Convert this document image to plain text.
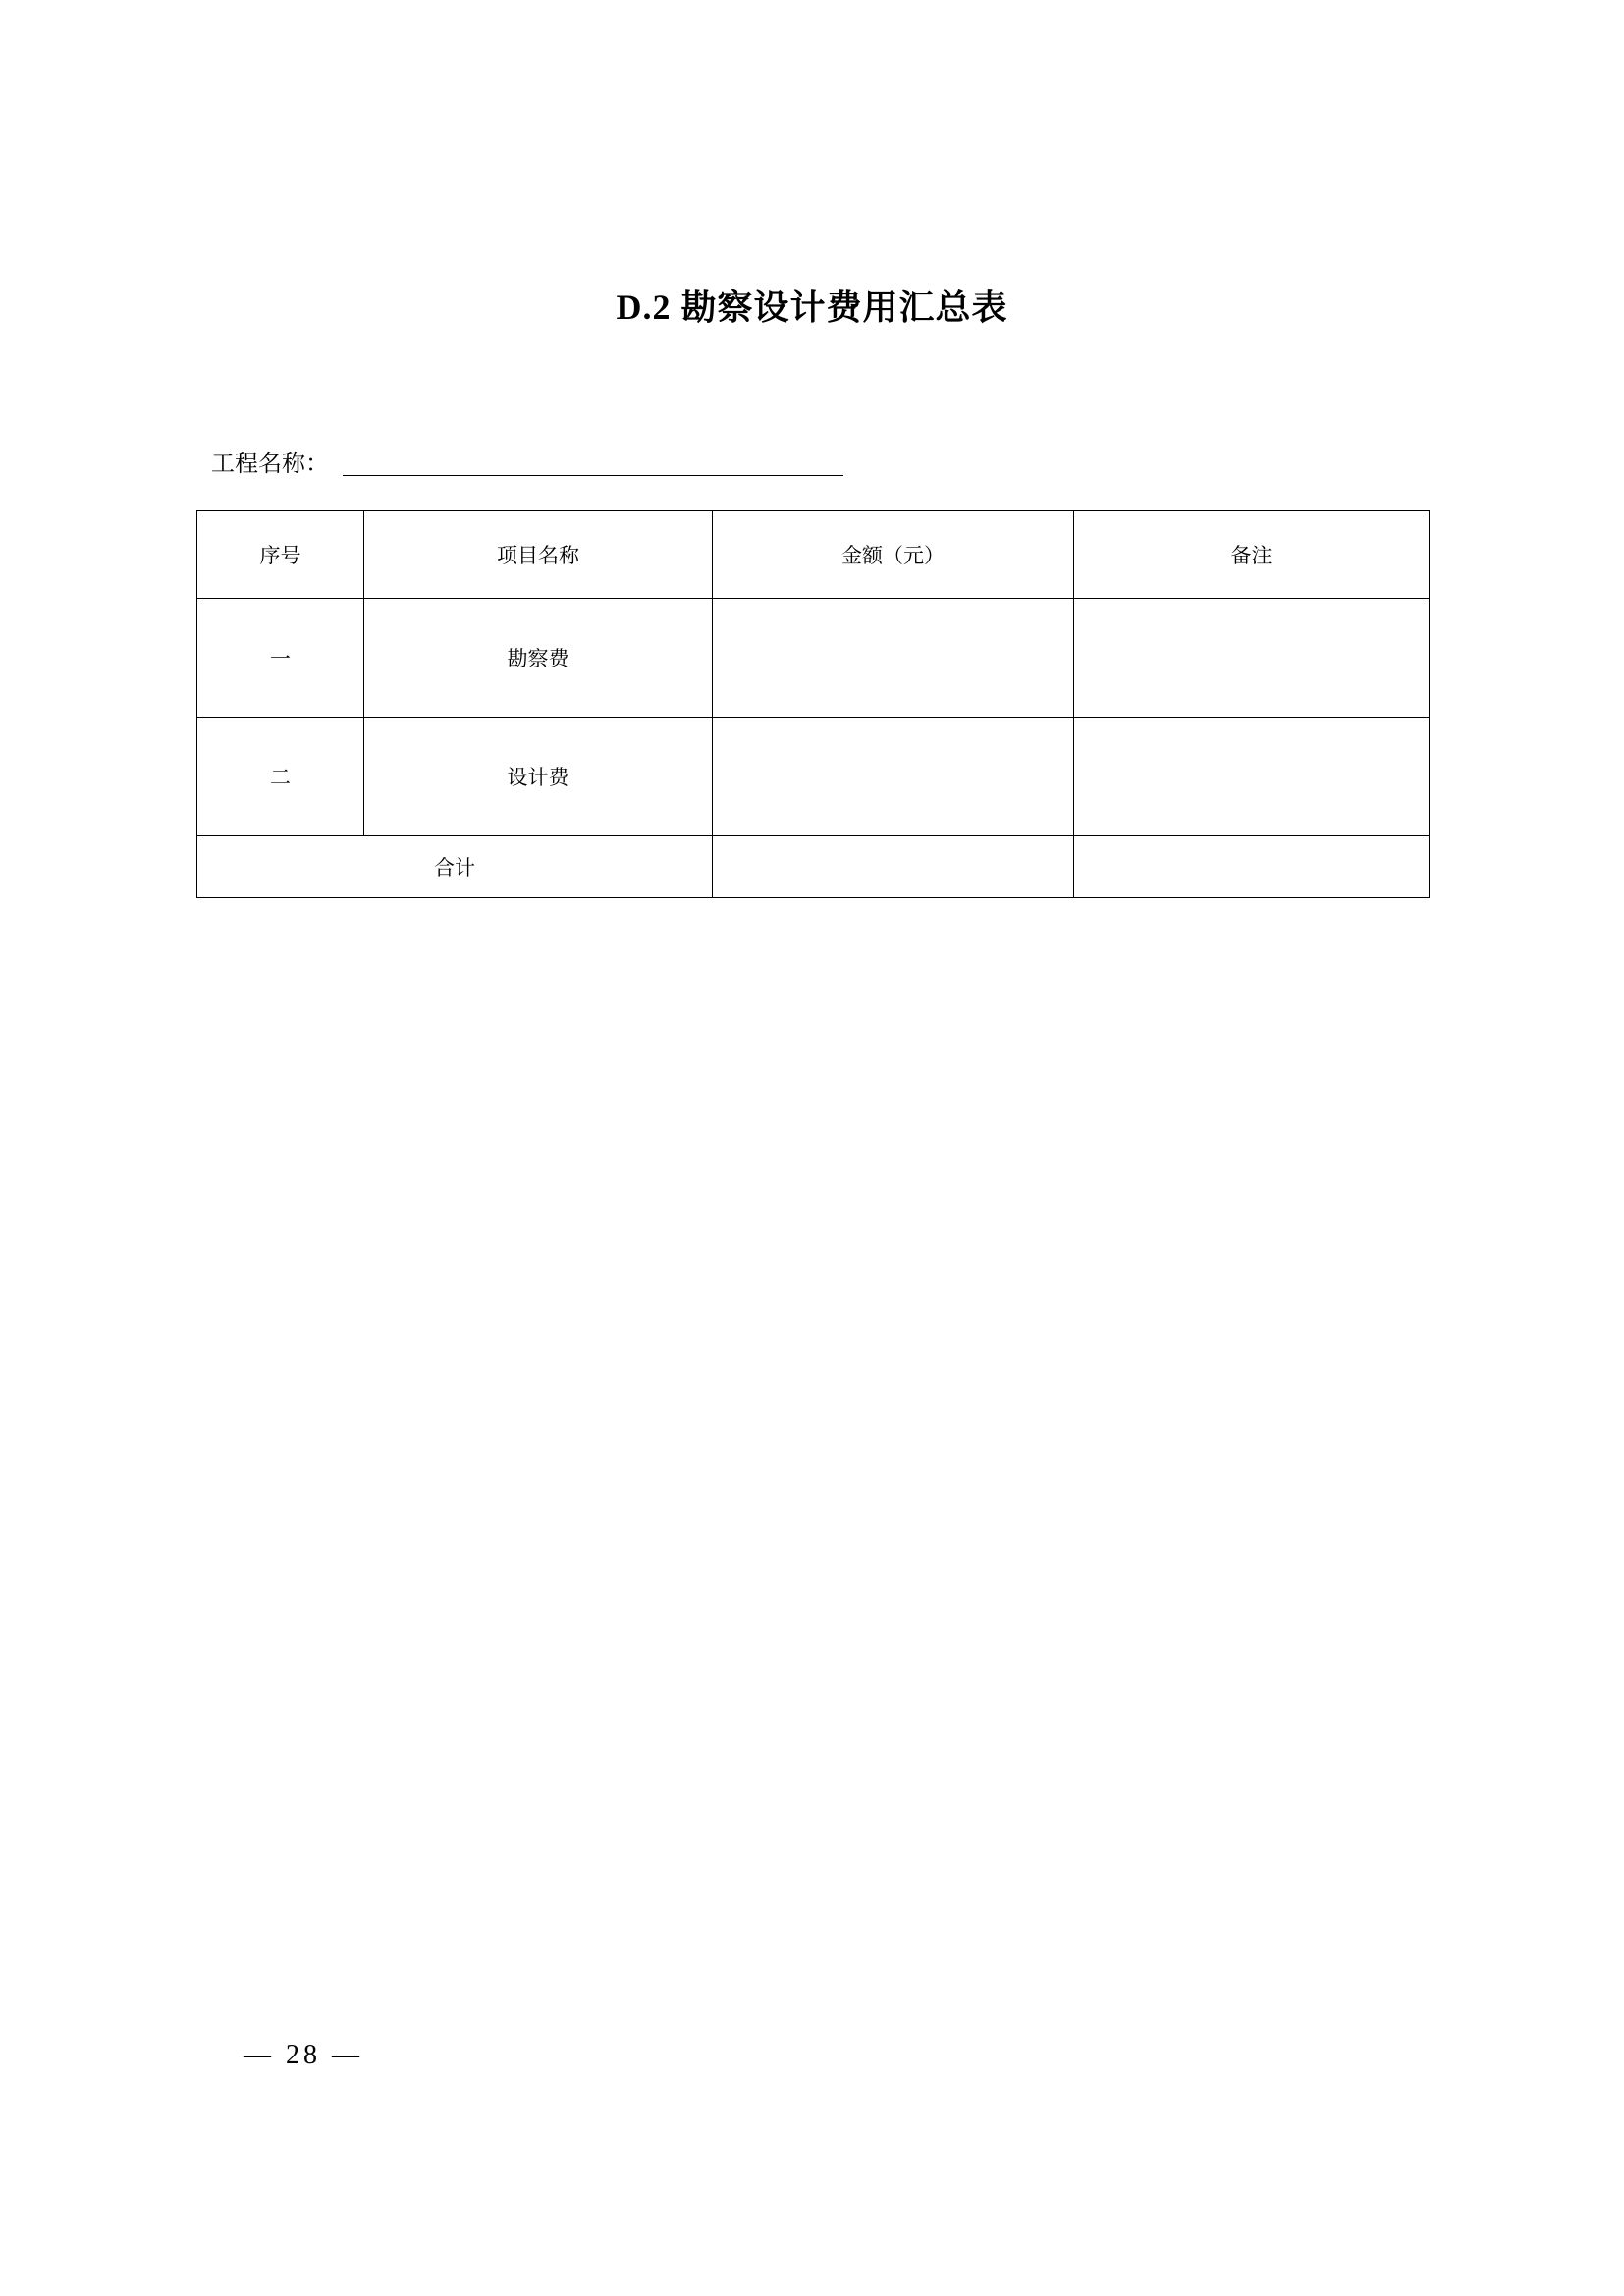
D.2 勘察设计费用汇总表
工程名称：
序号	项目名称	金额（元）	备注
一	勘察费		
二	设计费		
合计			
— 28 —
